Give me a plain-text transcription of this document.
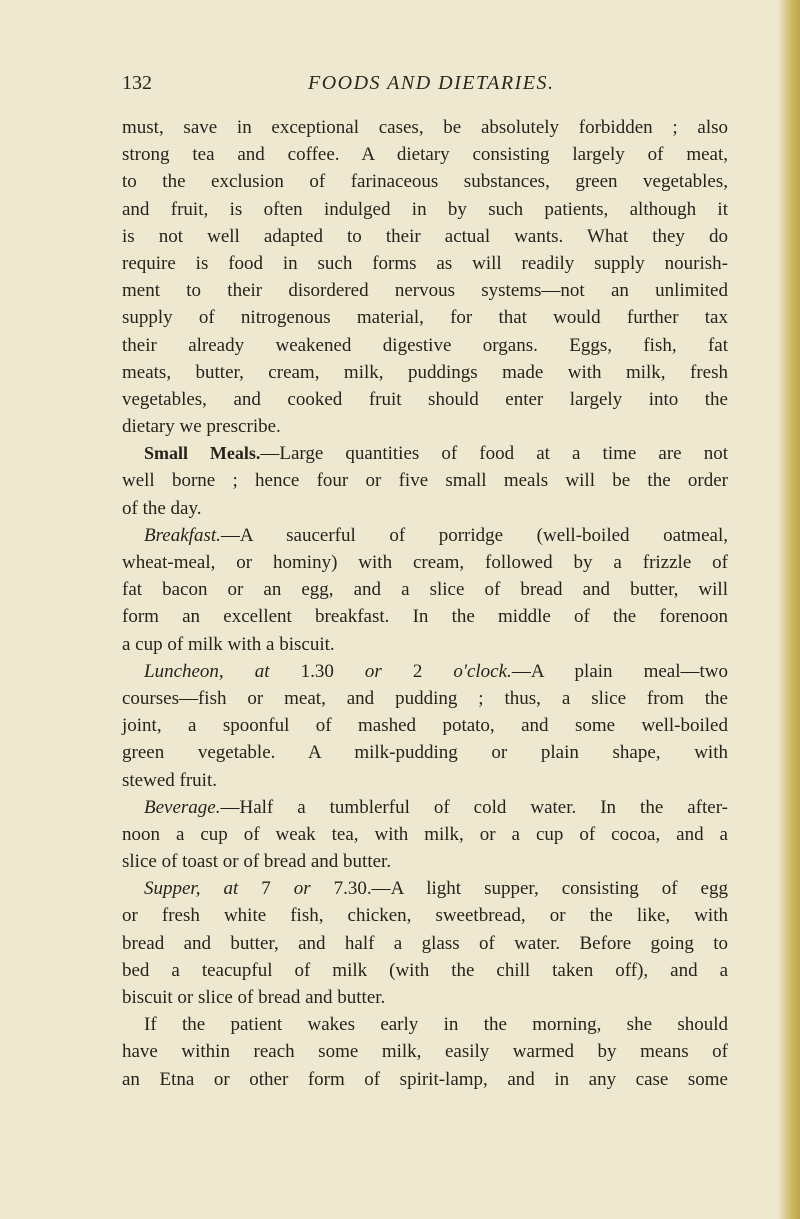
132	FOODS AND DIETARIES.
must, save in exceptional cases, be absolutely forbidden ; also
strong tea and coffee. A dietary consisting largely of meat,
to the exclusion of farinaceous substances, green vegetables,
and fruit, is often indulged in by such patients, although it
is not well adapted to their actual wants. What they do
require is food in such forms as will readily supply nourish-
ment to their disordered nervous systems—not an unlimited
supply of nitrogenous material, for that would further tax
their already weakened digestive organs. Eggs, fish, fat
meats, butter, cream, milk, puddings made with milk, fresh
vegetables, and cooked fruit should enter largely into the
dietary we prescribe.
Small Meals.—Large quantities of food at a time are not
well borne ; hence four or five small meals will be the order
of the day.
Breakfast.—A saucerful of porridge (well-boiled oatmeal,
wheat-meal, or hominy) with cream, followed by a frizzle of
fat bacon or an egg, and a slice of bread and butter, will
form an excellent breakfast. In the middle of the forenoon
a cup of milk with a biscuit.
Luncheon, at 1.30 or 2 o'clock.—A plain meal—two
courses—fish or meat, and pudding ; thus, a slice from the
joint, a spoonful of mashed potato, and some well-boiled
green vegetable. A milk-pudding or plain shape, with
stewed fruit.
Beverage.—Half a tumblerful of cold water. In the after-
noon a cup of weak tea, with milk, or a cup of cocoa, and a
slice of toast or of bread and butter.
Supper, at 7 or 7.30.—A light supper, consisting of egg
or fresh white fish, chicken, sweetbread, or the like, with
bread and butter, and half a glass of water. Before going to
bed a teacupful of milk (with the chill taken off), and a
biscuit or slice of bread and butter.
If the patient wakes early in the morning, she should
have within reach some milk, easily warmed by means of
an Etna or other form of spirit-lamp, and in any case some
